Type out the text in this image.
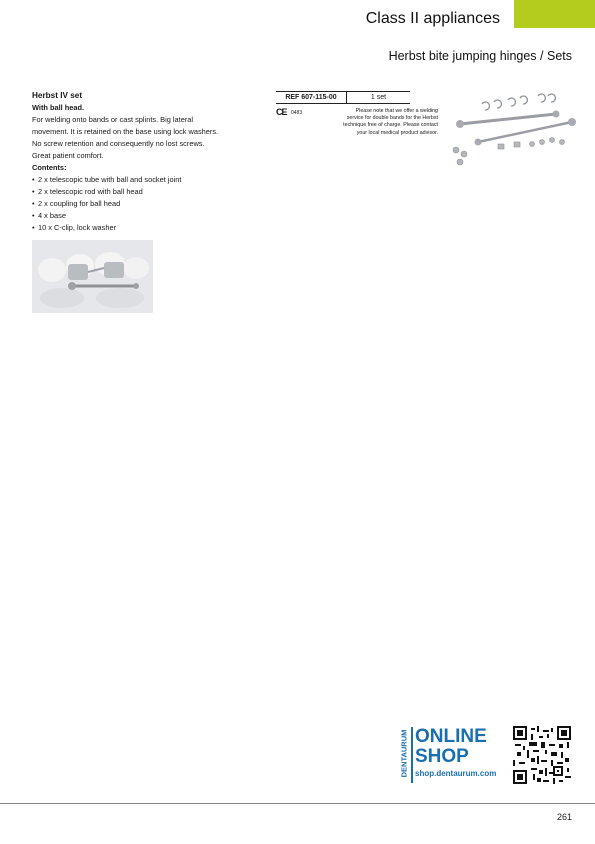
Class II appliances
Herbst bite jumping hinges / Sets
Herbst IV set
With ball head.
For welding onto bands or cast splints. Big lateral
movement. It is retained on the base using lock washers.
No screw retention and consequently no lost screws.
Great patient comfort.
Contents:
• 2 x telescopic tube with ball and socket joint
• 2 x telescopic rod with ball head
• 2 x coupling for ball head
• 4 x base
• 10 x C-clip, lock washer
REF 607-115-00	1 set
CE 0483	Please note that we offer a welding
service for double bands for the Herbst
technique free of charge. Please contact
your local medical product advisor.
DENTAURUM ONLINE
SHOP
shop.dentaurum.com
261
